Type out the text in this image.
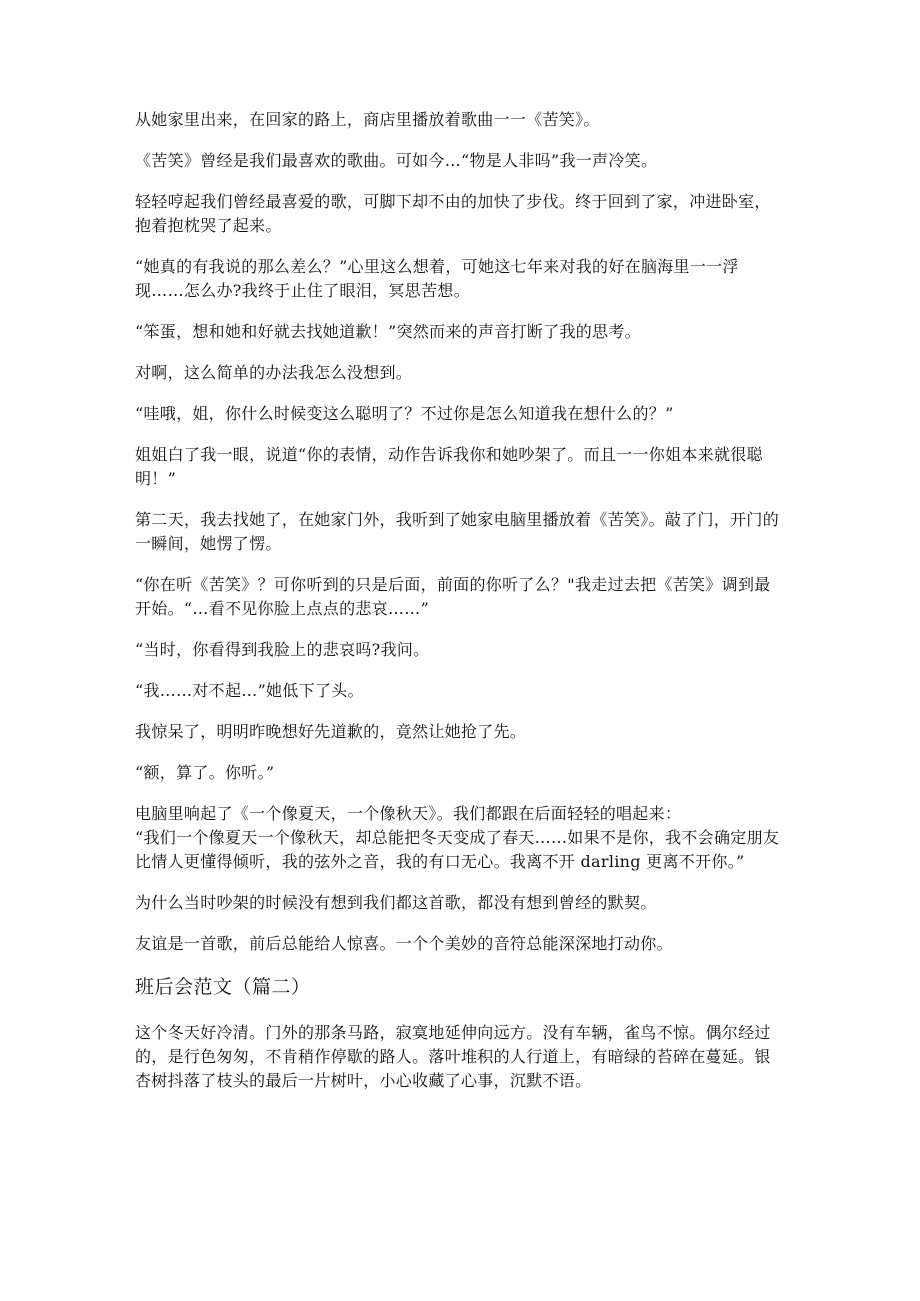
从她家里出来，在回家的路上，商店里播放着歌曲一一《苦笑》。

《苦笑》曾经是我们最喜欢的歌曲。可如今…“物是人非吗”我一声冷笑。

轻轻哼起我们曾经最喜爱的歌，可脚下却不由的加快了步伐。终于回到了家，冲进卧室，抱着抱枕哭了起来。

“她真的有我说的那么差么？”心里这么想着，可她这七年来对我的好在脑海里一一浮现……怎么办?我终于止住了眼泪，冥思苦想。

“笨蛋，想和她和好就去找她道歉！”突然而来的声音打断了我的思考。

对啊，这么简单的办法我怎么没想到。

“哇哦，姐，你什么时候变这么聪明了？不过你是怎么知道我在想什么的？”

姐姐白了我一眼，说道“你的表情，动作告诉我你和她吵架了。而且一一你姐本来就很聪明！”

第二天，我去找她了，在她家门外，我听到了她家电脑里播放着《苦笑》。敲了门，开门的一瞬间，她愣了愣。

“你在听《苦笑》？可你听到的只是后面，前面的你听了么？"我走过去把《苦笑》调到最开始。“…看不见你脸上点点的悲哀……”

“当时，你看得到我脸上的悲哀吗?我问。

“我……对不起…”她低下了头。

我惊呆了，明明昨晚想好先道歉的，竟然让她抢了先。

“额，算了。你听。”

电脑里响起了《一个像夏天，一个像秋天》。我们都跟在后面轻轻的唱起来：

“我们一个像夏天一个像秋天，却总能把冬天变成了春天……如果不是你，我不会确定朋友比情人更懂得倾听，我的弦外之音，我的有口无心。我离不开 darling 更离不开你。”

为什么当时吵架的时候没有想到我们都这首歌，都没有想到曾经的默契。

友谊是一首歌，前后总能给人惊喜。一个个美妙的音符总能深深地打动你。

班后会范文（篇二）

这个冬天好冷清。门外的那条马路，寂寞地延伸向远方。没有车辆，雀鸟不惊。偶尔经过的，是行色匆匆，不肯稍作停歇的路人。落叶堆积的人行道上，有暗绿的苔碎在蔓延。银杏树抖落了枝头的最后一片树叶，小心收藏了心事，沉默不语。
